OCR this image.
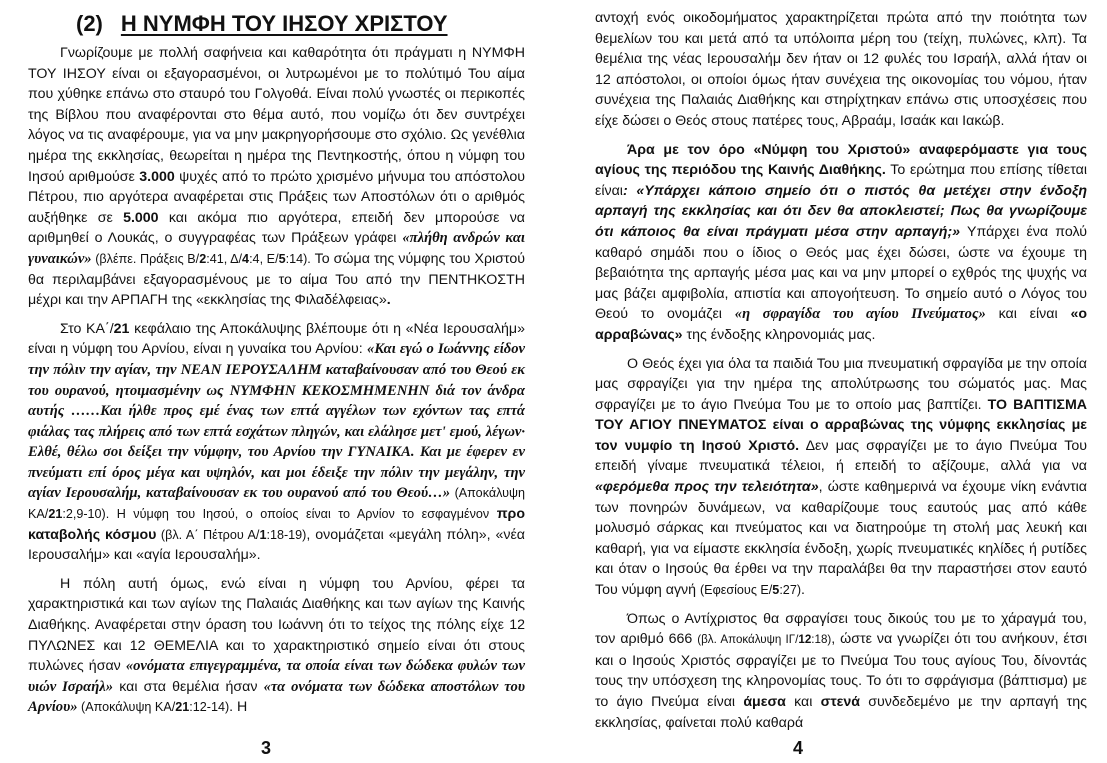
(2) Η ΝΥΜΦΗ ΤΟΥ ΙΗΣΟΥ ΧΡΙΣΤΟΥ

Γνωρίζουμε με πολλή σαφήνεια και καθαρότητα ότι πράγματι η ΝΥΜΦΗ ΤΟΥ ΙΗΣΟΥ είναι οι εξαγορασμένοι, οι λυτρωμένοι με το πολύτιμό Του αίμα που χύθηκε επάνω στο σταυρό του Γολγοθά. Είναι πολύ γνωστές οι περικοπές της Βίβλου που αναφέρονται στο θέμα αυτό, που νομίζω ότι δεν συντρέχει λόγος να τις αναφέρουμε, για να μην μακρηγορήσουμε στο σχόλιο. Ως γενέθλια ημέρα της εκκλησίας, θεωρείται η ημέρα της Πεντηκοστής, όπου η νύμφη του Ιησού αριθμούσε 3.000 ψυχές από το πρώτο χρισμένο μήνυμα του απόστολου Πέτρου, πιο αργότερα αναφέρεται στις Πράξεις των Αποστόλων ότι ο αριθμός αυξήθηκε σε 5.000 και ακόμα πιο αργότερα, επειδή δεν μπορούσε να αριθμηθεί ο Λουκάς, ο συγγραφέας των Πράξεων γράφει «πλήθη ανδρών και γυναικών» (βλέπε. Πράξεις Β/2:41, Δ/4:4, Ε/5:14). Το σώμα της νύμφης του Χριστού θα περιλαμβάνει εξαγορασμένους με το αίμα Του από την ΠΕΝΤΗΚΟΣΤΗ μέχρι και την ΑΡΠΑΓΗ της «εκκλησίας της Φιλαδέλφειας».

Στο ΚΑ΄/21 κεφάλαιο της Αποκάλυψης βλέπουμε ότι η «Νέα Ιερουσαλήμ» είναι η νύμφη του Αρνίου, είναι η γυναίκα του Αρνίου: «Και εγώ ο Ιωάννης είδον την πόλιν την αγίαν, την ΝΕΑΝ ΙΕΡΟΥΣΑΛΗΜ καταβαίνουσαν από του Θεού εκ του ουρανού, ητοιμασμένην ως ΝΥΜΦΗΝ ΚΕΚΟΣΜΗΜΕΝΗΝ διά τον άνδρα αυτής ……Και ήλθε προς εμέ ένας των επτά αγγέλων των εχόντων τας επτά φιάλας τας πλήρεις από των επτά εσχάτων πληγών, και ελάλησε μετ' εμού, λέγων· Ελθέ, θέλω σοι δείξει την νύμφην, του Αρνίου την ΓΥΝΑΙΚΑ. Και με έφερεν εν πνεύματι επί όρος μέγα και υψηλόν, και μοι έδειξε την πόλιν την μεγάλην, την αγίαν Ιερουσαλήμ, καταβαίνουσαν εκ του ουρανού από του Θεού…» (Αποκάλυψη ΚΑ/21:2,9-10). Η νύμφη του Ιησού, ο οποίος είναι το Αρνίον το εσφαγμένον προ καταβολής κόσμου (βλ. Α΄ Πέτρου Α/1:18-19), ονομάζεται «μεγάλη πόλη», «νέα Ιερουσαλήμ» και «αγία Ιερουσαλήμ».

Η πόλη αυτή όμως, ενώ είναι η νύμφη του Αρνίου, φέρει τα χαρακτηριστικά και των αγίων της Παλαιάς Διαθήκης και των αγίων της Καινής Διαθήκης. Αναφέρεται στην όραση του Ιωάννη ότι το τείχος της πόλης είχε 12 ΠΥΛΩΝΕΣ και 12 ΘΕΜΕΛΙΑ και το χαρακτηριστικό σημείο είναι ότι στους πυλώνες ήσαν «ονόματα επιγεγραμμένα, τα οποία είναι των δώδεκα φυλών των υιών Ισραήλ» και στα θεμέλια ήσαν «τα ονόματα των δώδεκα αποστόλων του Αρνίου» (Αποκάλυψη ΚΑ/21:12-14). Η

3

αντοχή ενός οικοδομήματος χαρακτηρίζεται πρώτα από την ποιότητα των θεμελίων του και μετά από τα υπόλοιπα μέρη του (τείχη, πυλώνες, κλπ). Τα θεμέλια της νέας Ιερουσαλήμ δεν ήταν οι 12 φυλές του Ισραήλ, αλλά ήταν οι 12 απόστολοι, οι οποίοι όμως ήταν συνέχεια της οικονομίας του νόμου, ήταν συνέχεια της Παλαιάς Διαθήκης και στηρίχτηκαν επάνω στις υποσχέσεις που είχε δώσει ο Θεός στους πατέρες τους, Αβραάμ, Ισαάκ και Ιακώβ.

Άρα με τον όρο «Νύμφη του Χριστού» αναφερόμαστε για τους αγίους της περιόδου της Καινής Διαθήκης. Το ερώτημα που επίσης τίθεται είναι: «Υπάρχει κάποιο σημείο ότι ο πιστός θα μετέχει στην ένδοξη αρπαγή της εκκλησίας και ότι δεν θα αποκλειστεί; Πως θα γνωρίζουμε ότι κάποιος θα είναι πράγματι μέσα στην αρπαγή;» Υπάρχει ένα πολύ καθαρό σημάδι που ο ίδιος ο Θεός μας έχει δώσει, ώστε να έχουμε τη βεβαιότητα της αρπαγής μέσα μας και να μην μπορεί ο εχθρός της ψυχής να μας βάζει αμφιβολία, απιστία και απογοήτευση. Το σημείο αυτό ο Λόγος του Θεού το ονομάζει «η σφραγίδα του αγίου Πνεύματος» και είναι «ο αρραβώνας» της ένδοξης κληρονομιάς μας.

Ο Θεός έχει για όλα τα παιδιά Του μια πνευματική σφραγίδα με την οποία μας σφραγίζει για την ημέρα της απολύτρωσης του σώματός μας. Μας σφραγίζει με το άγιο Πνεύμα Του με το οποίο μας βαπτίζει. ΤΟ ΒΑΠΤΙΣΜΑ ΤΟΥ ΑΓΙΟΥ ΠΝΕΥΜΑΤΟΣ είναι ο αρραβώνας της νύμφης εκκλησίας με τον νυμφίο τη Ιησού Χριστό. Δεν μας σφραγίζει με το άγιο Πνεύμα Του επειδή γίναμε πνευματικά τέλειοι, ή επειδή το αξίζουμε, αλλά για να «φερόμεθα προς την τελειότητα», ώστε καθημερινά να έχουμε νίκη ενάντια των πονηρών δυνάμεων, να καθαρίζουμε τους εαυτούς μας από κάθε μολυσμό σάρκας και πνεύματος και να διατηρούμε τη στολή μας λευκή και καθαρή, για να είμαστε εκκλησία ένδοξη, χωρίς πνευματικές κηλίδες ή ρυτίδες και όταν ο Ιησούς θα έρθει να την παραλάβει θα την παραστήσει στον εαυτό Του νύμφη αγνή (Εφεσίους Ε/5:27).

Όπως ο Αντίχριστος θα σφραγίσει τους δικούς του με το χάραγμά του, τον αριθμό 666 (βλ. Αποκάλυψη ΙΓ/12:18), ώστε να γνωρίζει ότι του ανήκουν, έτσι και ο Ιησούς Χριστός σφραγίζει με το Πνεύμα Του τους αγίους Του, δίνοντάς τους την υπόσχεση της κληρονομίας τους. Το ότι το σφράγισμα (βάπτισμα) με το άγιο Πνεύμα είναι άμεσα και στενά συνδεδεμένο με την αρπαγή της εκκλησίας, φαίνεται πολύ καθαρά

4
